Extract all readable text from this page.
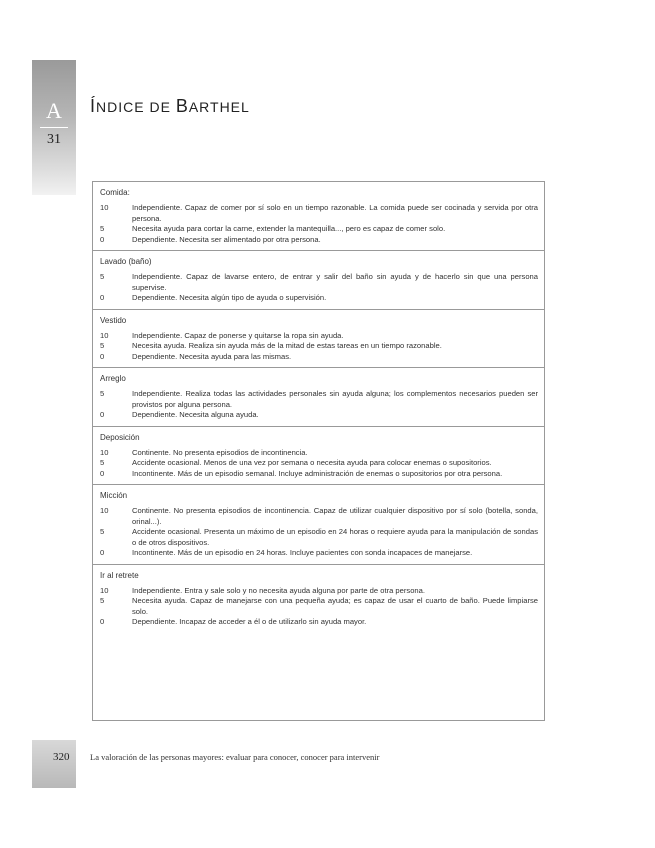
A
31
ÍNDICE DE BARTHEL
Comida:
10	Independiente. Capaz de comer por sí solo en un tiempo razonable. La comida puede ser cocinada y servida por otra persona.
5	Necesita ayuda para cortar la carne, extender la mantequilla..., pero es capaz de comer solo.
0	Dependiente. Necesita ser alimentado por otra persona.
Lavado (baño)
5	Independiente. Capaz de lavarse entero, de entrar y salir del baño sin ayuda y de hacerlo sin que una persona supervise.
0	Dependiente. Necesita algún tipo de ayuda o supervisión.
Vestido
10	Independiente. Capaz de ponerse y quitarse la ropa sin ayuda.
5	Necesita ayuda. Realiza sin ayuda más de la mitad de estas tareas en un tiempo razonable.
0	Dependiente. Necesita ayuda para las mismas.
Arreglo
5	Independiente. Realiza todas las actividades personales sin ayuda alguna; los complementos necesarios pueden ser provistos por alguna persona.
0	Dependiente. Necesita alguna ayuda.
Deposición
10	Continente. No presenta episodios de incontinencia.
5	Accidente ocasional. Menos de una vez por semana o necesita ayuda para colocar enemas o supositorios.
0	Incontinente. Más de un episodio semanal. Incluye administración de enemas o supositorios por otra persona.
Micción
10	Continente. No presenta episodios de incontinencia. Capaz de utilizar cualquier dispositivo por sí solo (botella, sonda, orinal...).
5	Accidente ocasional. Presenta un máximo de un episodio en 24 horas o requiere ayuda para la manipulación de sondas o de otros dispositivos.
0	Incontinente. Más de un episodio en 24 horas. Incluye pacientes con sonda incapaces de manejarse.
Ir al retrete
10	Independiente. Entra y sale solo y no necesita ayuda alguna por parte de otra persona.
5	Necesita ayuda. Capaz de manejarse con una pequeña ayuda; es capaz de usar el cuarto de baño. Puede limpiarse solo.
0	Dependiente. Incapaz de acceder a él o de utilizarlo sin ayuda mayor.
320 La valoración de las personas mayores: evaluar para conocer, conocer para intervenir
